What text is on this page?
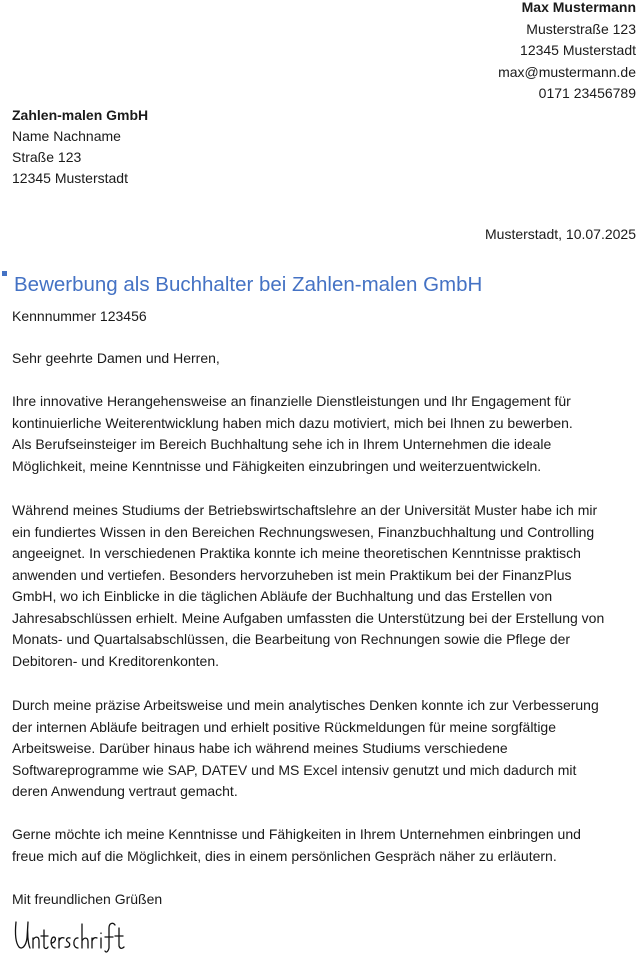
Max Mustermann
Musterstraße 123
12345 Musterstadt
max@mustermann.de
0171 23456789
Zahlen-malen GmbH
Name Nachname
Straße 123
12345 Musterstadt
Musterstadt, 10.07.2025
Bewerbung als Buchhalter bei Zahlen-malen GmbH
Kennnummer 123456
Sehr geehrte Damen und Herren,
Ihre innovative Herangehensweise an finanzielle Dienstleistungen und Ihr Engagement für
kontinuierliche Weiterentwicklung haben mich dazu motiviert, mich bei Ihnen zu bewerben.
Als Berufseinsteiger im Bereich Buchhaltung sehe ich in Ihrem Unternehmen die ideale
Möglichkeit, meine Kenntnisse und Fähigkeiten einzubringen und weiterzuentwickeln.
Während meines Studiums der Betriebswirtschaftslehre an der Universität Muster habe ich mir
ein fundiertes Wissen in den Bereichen Rechnungswesen, Finanzbuchhaltung und Controlling
angeeignet. In verschiedenen Praktika konnte ich meine theoretischen Kenntnisse praktisch
anwenden und vertiefen. Besonders hervorzuheben ist mein Praktikum bei der FinanzPlus
GmbH, wo ich Einblicke in die täglichen Abläufe der Buchhaltung und das Erstellen von
Jahresabschlüssen erhielt. Meine Aufgaben umfassten die Unterstützung bei der Erstellung von
Monats- und Quartalsabschlüssen, die Bearbeitung von Rechnungen sowie die Pflege der
Debitoren- und Kreditorenkonten.
Durch meine präzise Arbeitsweise und mein analytisches Denken konnte ich zur Verbesserung
der internen Abläufe beitragen und erhielt positive Rückmeldungen für meine sorgfältige
Arbeitsweise. Darüber hinaus habe ich während meines Studiums verschiedene
Softwareprogramme wie SAP, DATEV und MS Excel intensiv genutzt und mich dadurch mit
deren Anwendung vertraut gemacht.
Gerne möchte ich meine Kenntnisse und Fähigkeiten in Ihrem Unternehmen einbringen und
freue mich auf die Möglichkeit, dies in einem persönlichen Gespräch näher zu erläutern.
Mit freundlichen Grüßen
